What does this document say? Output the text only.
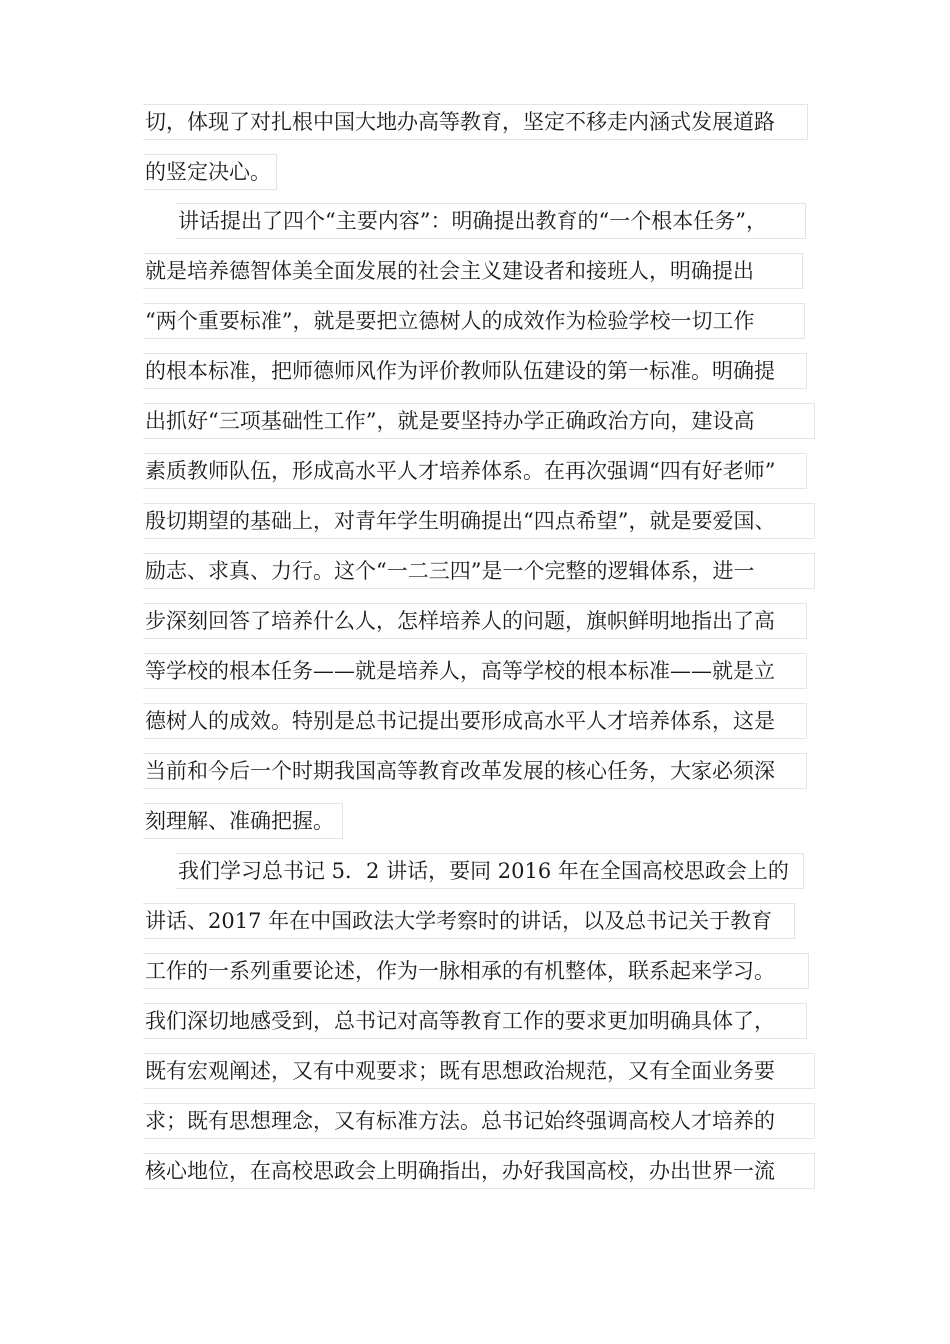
切，体现了对扎根中国大地办高等教育，坚定不移走内涵式发展道路
的竖定决心。
讲话提出了四个“主要内容”：明确提出教育的“一个根本任务”，
就是培养德智体美全面发展的社会主义建设者和接班人，明确提出
“两个重要标准”，就是要把立德树人的成效作为检验学校一切工作
的根本标准，把师德师风作为评价教师队伍建设的第一标准。明确提
出抓好“三项基础性工作”，就是要坚持办学正确政治方向，建设高
素质教师队伍，形成高水平人才培养体系。在再次强调“四有好老师”
殷切期望的基础上，对青年学生明确提出“四点希望”，就是要爱国、
励志、求真、力行。这个“一二三四”是一个完整的逻辑体系，进一
步深刻回答了培养什么人，怎样培养人的问题，旗帜鲜明地指出了高
等学校的根本任务——就是培养人，高等学校的根本标准——就是立
德树人的成效。特别是总书记提出要形成高水平人才培养体系，这是
当前和今后一个时期我国高等教育改革发展的核心任务，大家必须深
刻理解、准确把握。
我们学习总书记 5．2 讲话，要同 2016 年在全国高校思政会上的
讲话、2017 年在中国政法大学考察时的讲话，以及总书记关于教育
工作的一系列重要论述，作为一脉相承的有机整体，联系起来学习。
我们深切地感受到，总书记对高等教育工作的要求更加明确具体了，
既有宏观阐述，又有中观要求；既有思想政治规范，又有全面业务要
求；既有思想理念，又有标准方法。总书记始终强调高校人才培养的
核心地位，在高校思政会上明确指出，办好我国高校，办出世界一流
